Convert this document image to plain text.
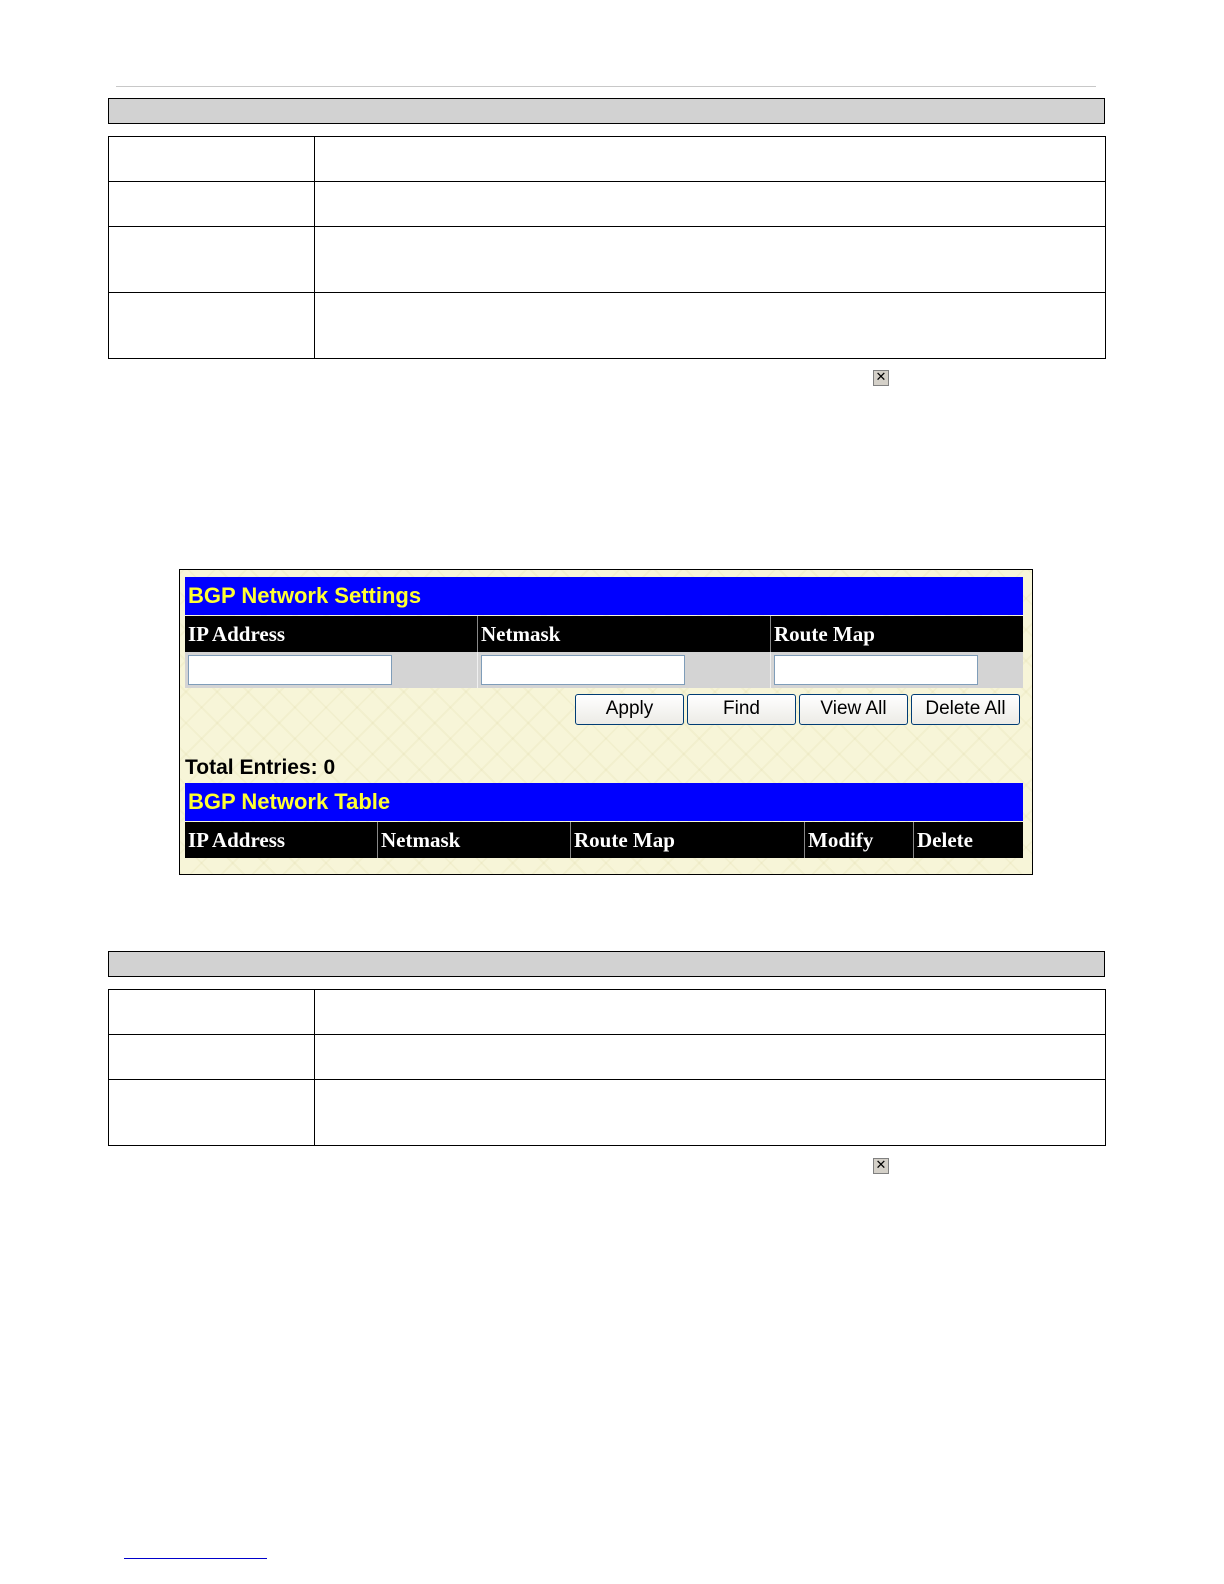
✕
BGP Network Settings
IP Address	Netmask	Route Map
Apply	Find	View All	Delete All
Total Entries: 0
BGP Network Table
IP Address	Netmask	Route Map	Modify	Delete

✕
